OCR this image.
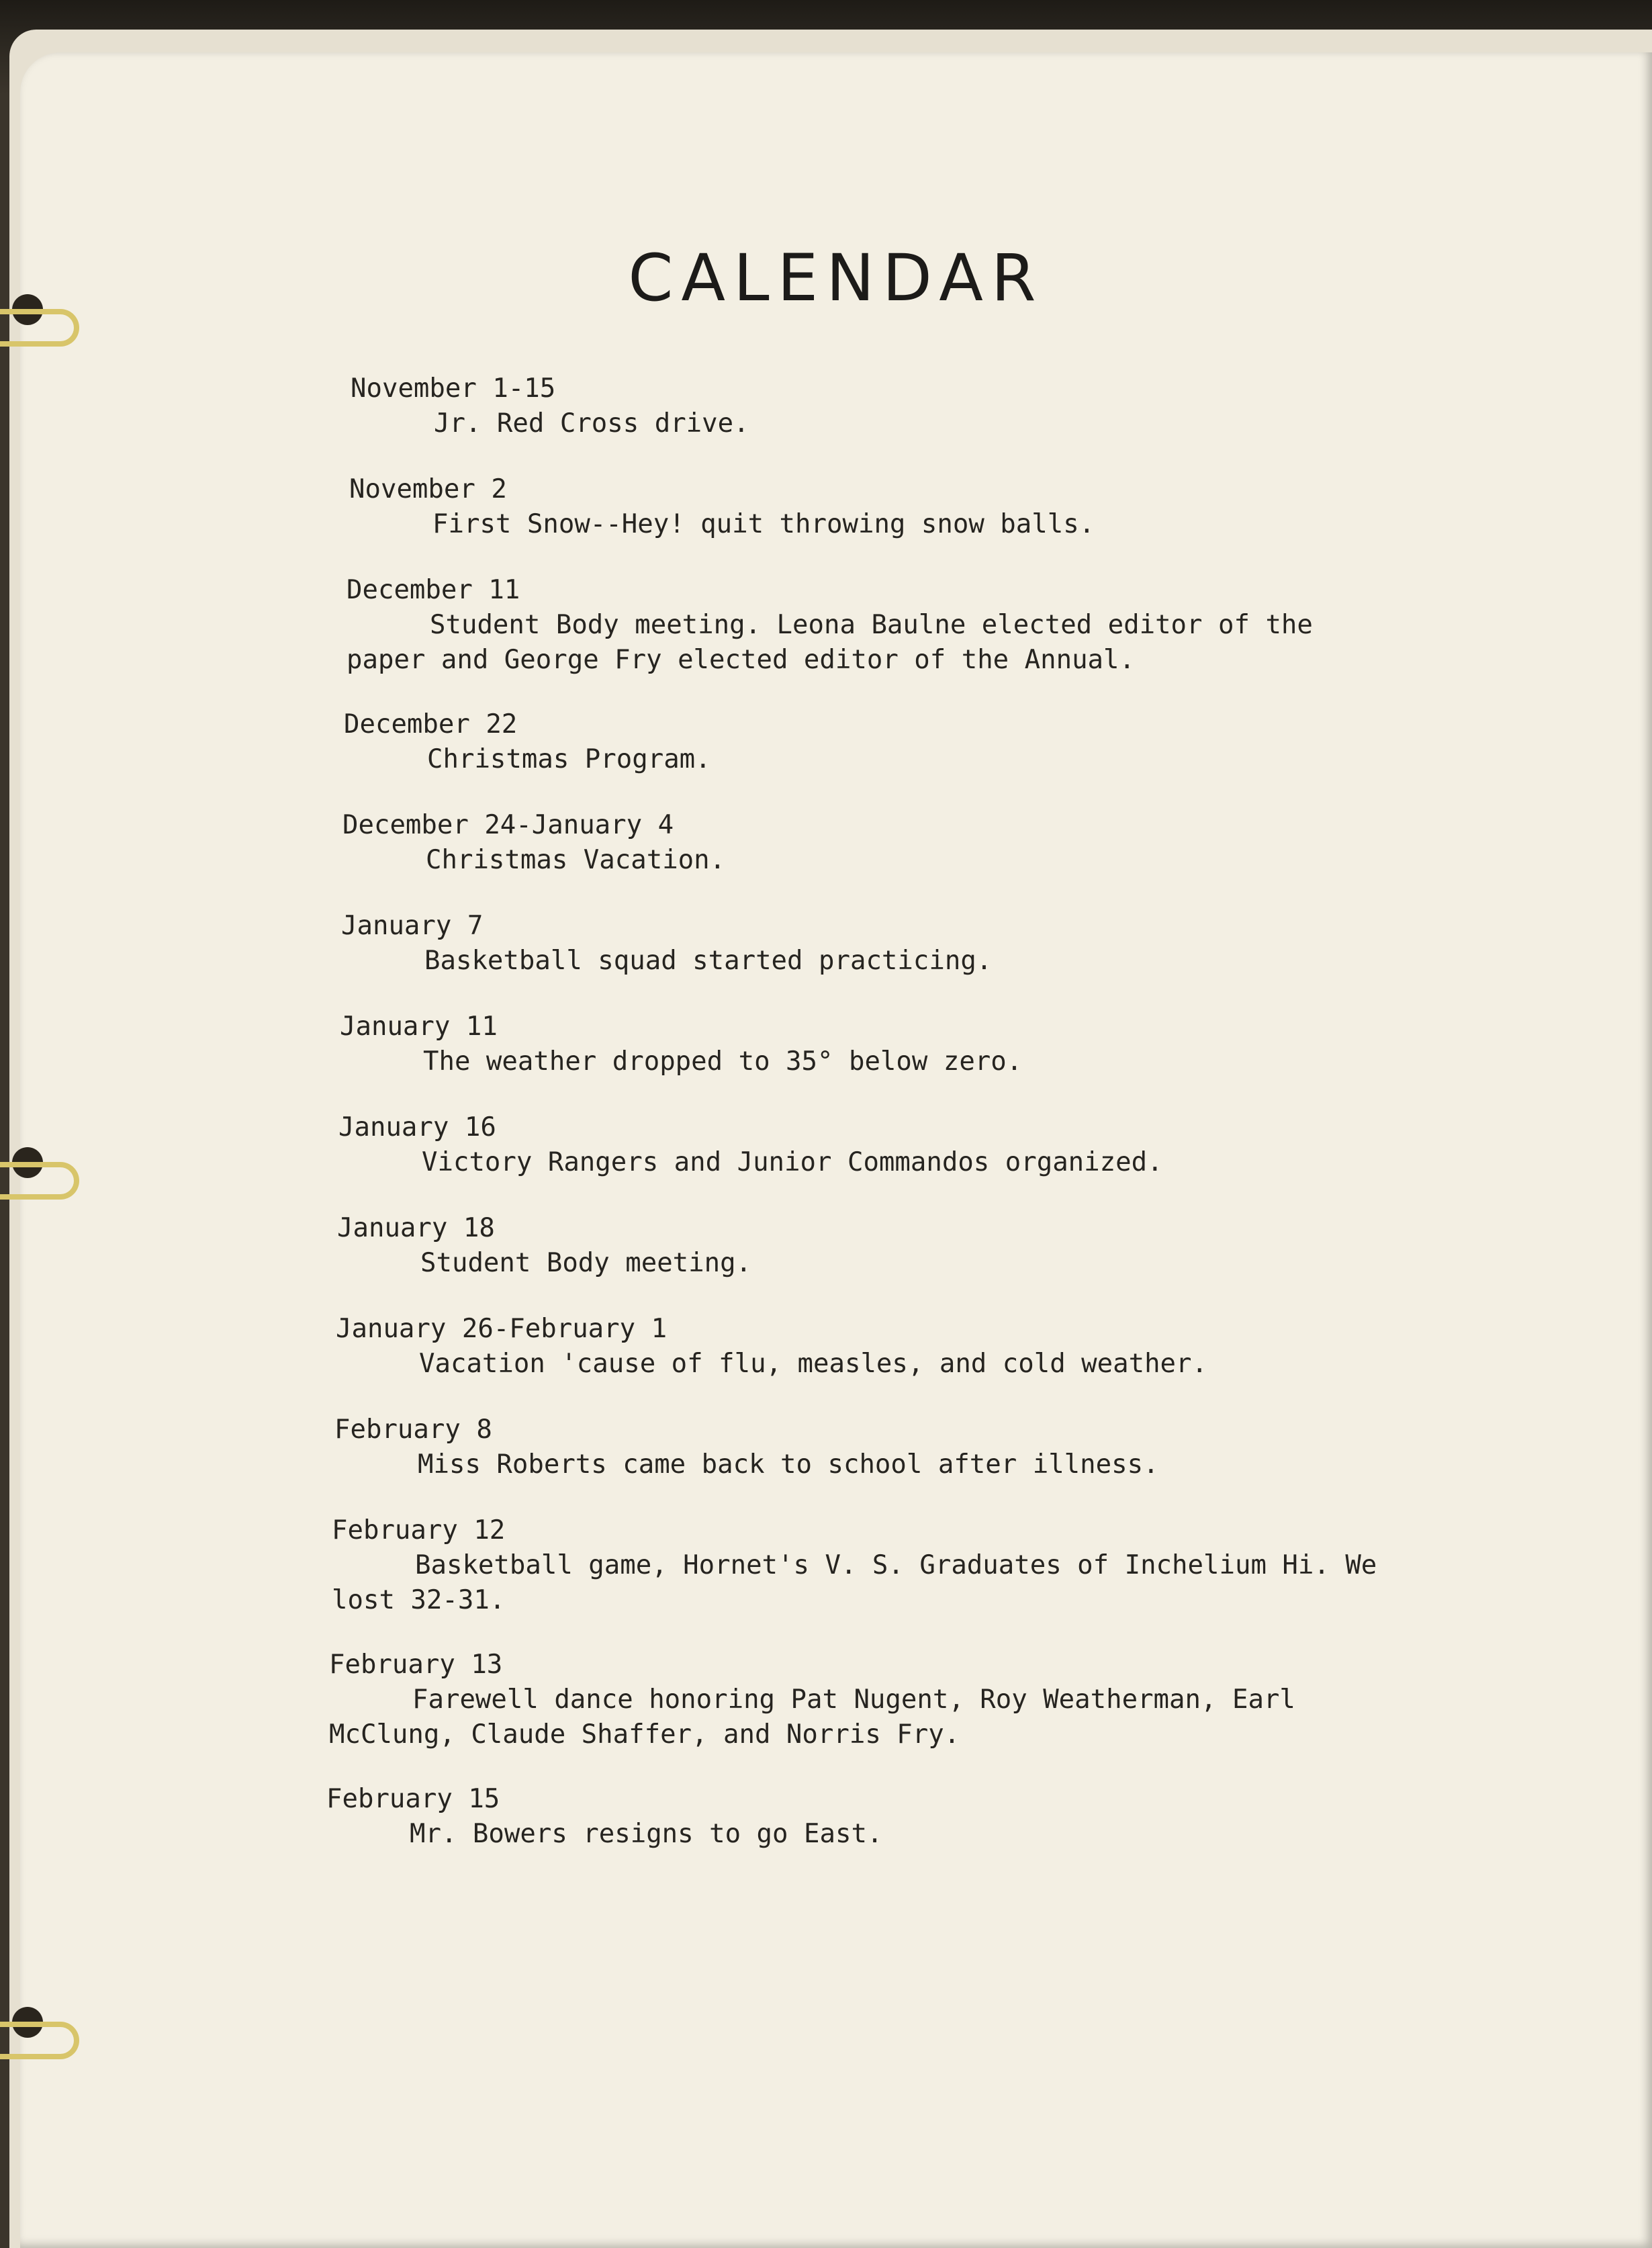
CALENDAR

November 1-15

Jr. Red Cross drive.

November 2

First Snow--Hey! quit throwing snow balls.

December 11

Student Body meeting. Leona Baulne elected editor of the paper and George Fry elected editor of the Annual.

December 22

Christmas Program.

December 24-January 4

Christmas Vacation.

January 7

Basketball squad started practicing.

January 11

The weather dropped to 35° below zero.

January 16

Victory Rangers and Junior Commandos organized.

January 18

Student Body meeting.

January 26-February 1

Vacation 'cause of flu, measles, and cold weather.

February 8

Miss Roberts came back to school after illness.

February 12

Basketball game, Hornet's V. S. Graduates of Inchelium Hi. We lost 32-31.

February 13

Farewell dance honoring Pat Nugent, Roy Weatherman, Earl McClung, Claude Shaffer, and Norris Fry.

February 15

Mr. Bowers resigns to go East.
